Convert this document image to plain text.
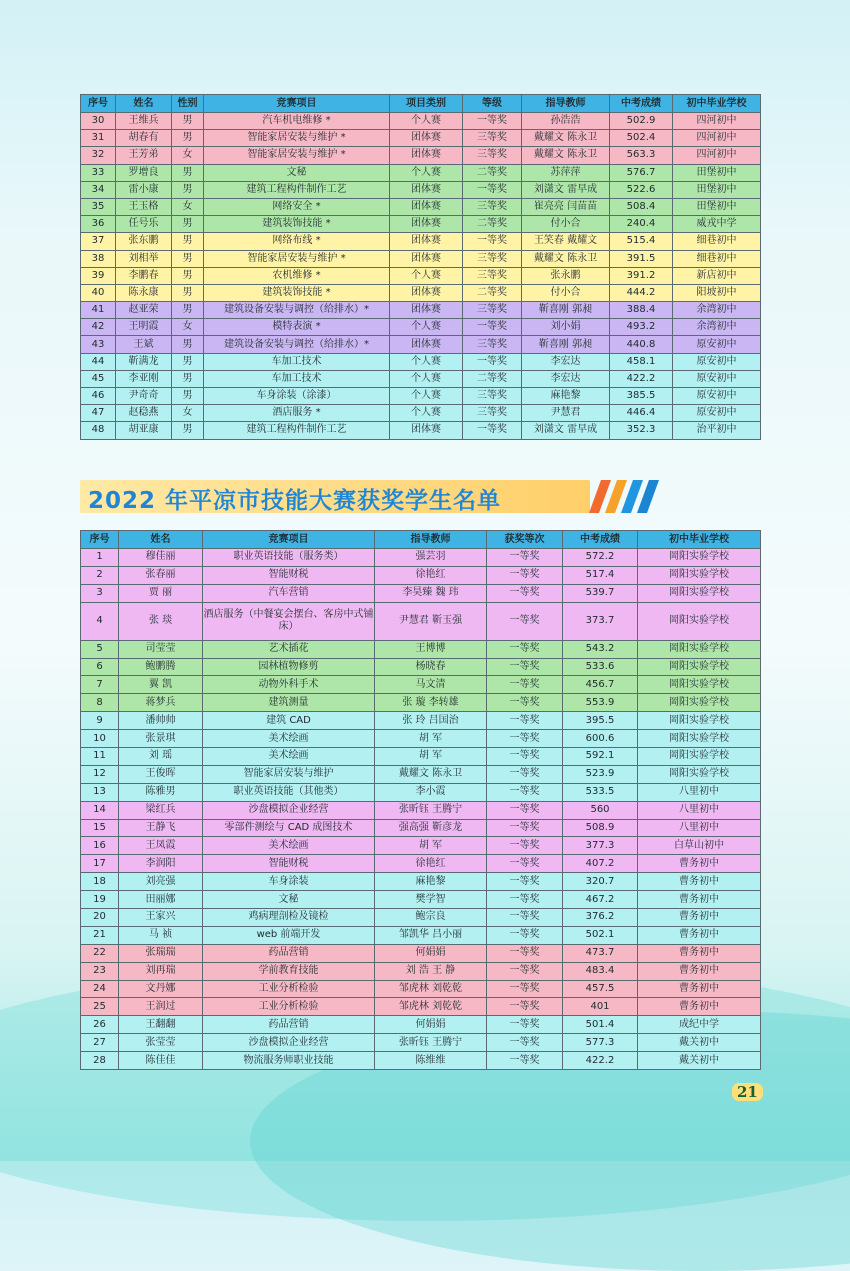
序号	姓名	性别	竞赛项目	项目类别	等级	指导教师	中考成绩	初中毕业学校
30	王维兵	男	汽车机电维修 *	个人赛	一等奖	孙浩浩	502.9	四河初中
31	胡春有	男	智能家居安装与维护 *	团体赛	三等奖	戴耀文 陈永卫	502.4	四河初中
32	王芳弟	女	智能家居安装与维护 *	团体赛	三等奖	戴耀文 陈永卫	563.3	四河初中
33	罗增良	男	文秘	个人赛	二等奖	苏萍萍	576.7	田堡初中
34	雷小康	男	建筑工程构件制作工艺	团体赛	一等奖	刘潇文 雷早成	522.6	田堡初中
35	王玉格	女	网络安全 *	团体赛	三等奖	崔亮亮 闫苗苗	508.4	田堡初中
36	任号乐	男	建筑装饰技能 *	团体赛	二等奖	付小合	240.4	威戎中学
37	张东鹏	男	网络布线 *	团体赛	一等奖	王笑春 戴耀文	515.4	细巷初中
38	刘相举	男	智能家居安装与维护 *	团体赛	三等奖	戴耀文 陈永卫	391.5	细巷初中
39	李鹏春	男	农机维修 *	个人赛	三等奖	张永鹏	391.2	新店初中
40	陈永康	男	建筑装饰技能 *	团体赛	二等奖	付小合	444.2	阳坡初中
41	赵亚荣	男	建筑设备安装与调控（给排水）*	团体赛	三等奖	靳喜刚 郭昶	388.4	余湾初中
42	王明霞	女	模特表演 *	个人赛	一等奖	刘小娟	493.2	余湾初中
43	王斌	男	建筑设备安装与调控（给排水）*	团体赛	三等奖	靳喜刚 郭昶	440.8	原安初中
44	靳满龙	男	车加工技术	个人赛	一等奖	李宏达	458.1	原安初中
45	李亚刚	男	车加工技术	个人赛	二等奖	李宏达	422.2	原安初中
46	尹奇奇	男	车身涂装（涂漆）	个人赛	三等奖	麻艳黎	385.5	原安初中
47	赵稳燕	女	酒店服务 *	个人赛	三等奖	尹慧君	446.4	原安初中
48	胡亚康	男	建筑工程构件制作工艺	团体赛	一等奖	刘潇文 雷早成	352.3	治平初中
2022 年平凉市技能大赛获奖学生名单
序号	姓名	竞赛项目	指导教师	获奖等次	中考成绩	初中毕业学校
1	穆佳丽	职业英语技能（服务类）	强芸羽	一等奖	572.2	岡阳实验学校
2	张春丽	智能财税	徐艳红	一等奖	517.4	岡阳实验学校
3	贾 丽	汽车营销	李昊臻 魏 玮	一等奖	539.7	岡阳实验学校
4	张 琰	酒店服务（中餐宴会摆台、客房中式铺床）	尹慧君 靳玉强	一等奖	373.7	岡阳实验学校
5	司莹莹	艺术插花	王博博	一等奖	543.2	岡阳实验学校
6	鲍鹏腾	园林植物修剪	杨晓春	一等奖	533.6	岡阳实验学校
7	翼 凯	动物外科手术	马文清	一等奖	456.7	岡阳实验学校
8	蒋梦兵	建筑测量	张 璇 李转雄	一等奖	553.9	岡阳实验学校
9	潘帅帅	建筑 CAD	张 玲 吕国治	一等奖	395.5	岡阳实验学校
10	张景琪	美术绘画	胡 军	一等奖	600.6	岡阳实验学校
11	刘 瑶	美术绘画	胡 军	一等奖	592.1	岡阳实验学校
12	王俊晖	智能家居安装与维护	戴耀文 陈永卫	一等奖	523.9	岡阳实验学校
13	陈雅男	职业英语技能（其他类）	李小霞	一等奖	533.5	八里初中
14	梁红兵	沙盘模拟企业经营	张昕钰 王腾宁	一等奖	560	八里初中
15	王静飞	零部件测绘与 CAD 成图技术	强高强 靳彦龙	一等奖	508.9	八里初中
16	王凤霞	美术绘画	胡 军	一等奖	377.3	白草山初中
17	李润阳	智能财税	徐艳红	一等奖	407.2	曹务初中
18	刘亮强	车身涂装	麻艳黎	一等奖	320.7	曹务初中
19	田丽娜	文秘	樊学智	一等奖	467.2	曹务初中
20	王家兴	鸡病理剖检及镜检	鲍宗良	一等奖	376.2	曹务初中
21	马 祯	web 前端开发	邹凯华 吕小丽	一等奖	502.1	曹务初中
22	张瑞瑞	药品营销	何娟娟	一等奖	473.7	曹务初中
23	刘再瑞	学前教育技能	刘 浩 王 静	一等奖	483.4	曹务初中
24	文丹娜	工业分析检验	邹虎林 刘乾乾	一等奖	457.5	曹务初中
25	王润过	工业分析检验	邹虎林 刘乾乾	一等奖	401	曹务初中
26	王翻翻	药品营销	何娟娟	一等奖	501.4	成纪中学
27	张莹莹	沙盘模拟企业经营	张昕钰 王腾宁	一等奖	577.3	戴关初中
28	陈佳佳	物流服务师职业技能	陈维维	一等奖	422.2	戴关初中
21
